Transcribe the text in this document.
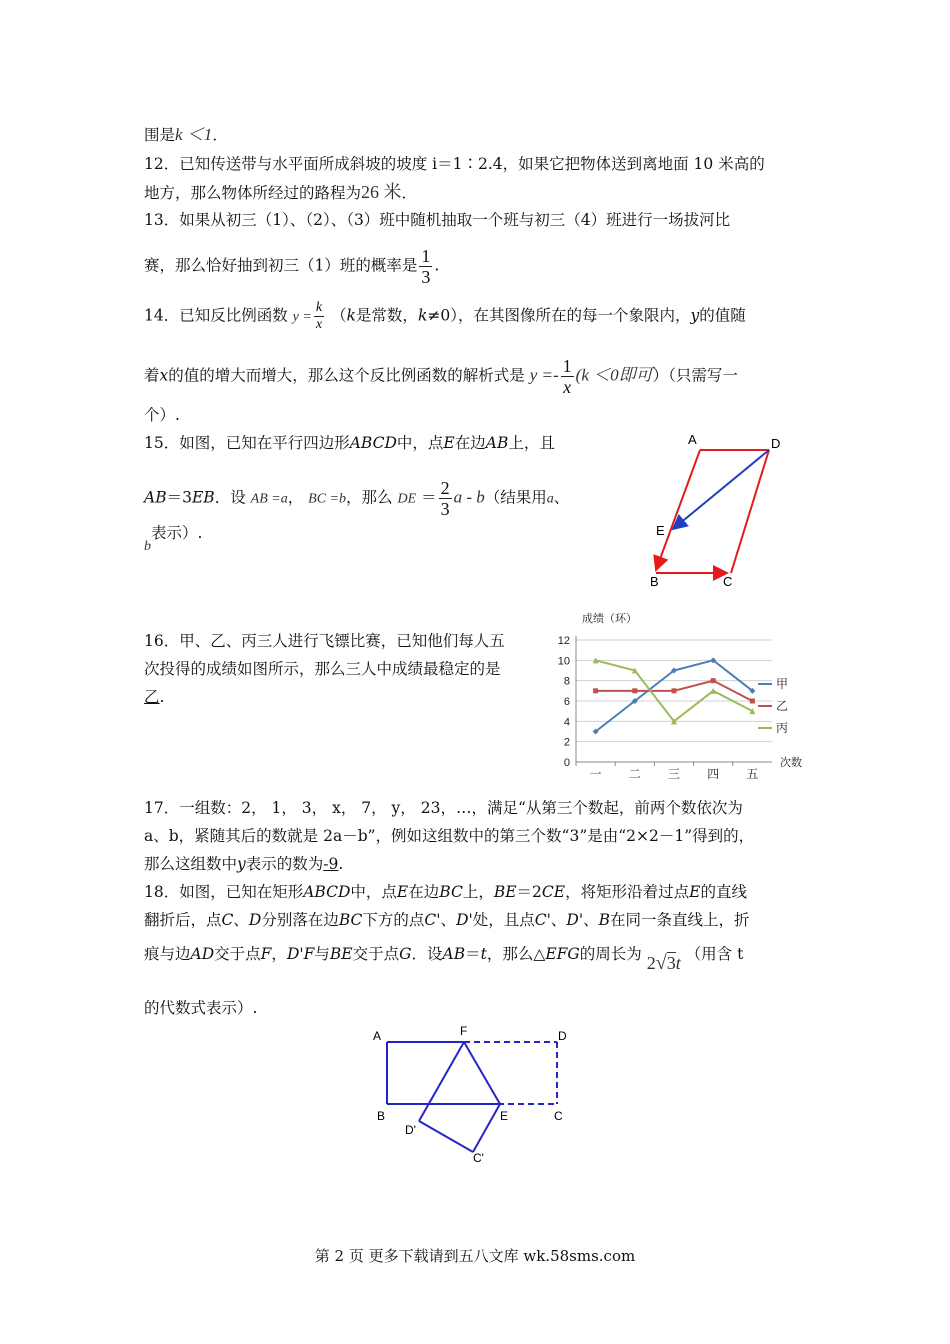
围是k ＜1．
12．已知传送带与水平面所成斜坡的坡度 i＝1∶2.4，如果它把物体送到离地面 10 米高的
地方，那么物体所经过的路程为26 米．
13．如果从初三（1）、（2）、（3）班中随机抽取一个班与初三（4）班进行一场拔河比
赛，那么恰好抽到初三（1）班的概率是 $\frac{1}{3}$ .
14．已知反比例函数 $y = \frac{k}{x} (k$是常数，k≠0），在其图像所在的每一个象限内，y的值随
着x的值的增大而增大，那么这个反比例函数的解析式是 $y =- \frac{1}{x} (k <0$即可）（只需写一
个）.
15．如图，已知在平行四边形ABCD中，点E在边AB上，且
AB＝3EB．设 AB =a， BC =b，那么 DE ＝ $\frac{2}{3}$ a - b（结果用a、
b表示）.
A	D
E
B	C
16．甲、乙、丙三人进行飞镖比赛，已知他们每人五
次投得的成绩如图所示，那么三人中成绩最稳定的是
乙.
成绩（环）
次数
0
2
4
6
8
10
12
一 二 三 四 五
甲
乙
丙
17．一组数：2， 1， 3， x， 7， y， 23，…，满足“从第三个数起，前两个数依次为
a、b，紧随其后的数就是 2a－b”，例如这组数中的第三个数“3”是由“2×2－1”得到的，
那么这组数中y表示的数为-9.
18．如图，已知在矩形ABCD中，点E在边BC上，BE＝2CE，将矩形沿着过点E的直线
翻折后，点C、D分别落在边BC下方的点C'、D'处，且点C'、D'、B在同一条直线上，折
痕与边AD交于点F，D'F与BE交于点G．设AB＝t，那么△EFG的周长为 2√3t （用含 t
的代数式表示）.
A	F	D
B	E	C
D'
C'
第 2 页 更多下载请到五八文库 wk.58sms.com
